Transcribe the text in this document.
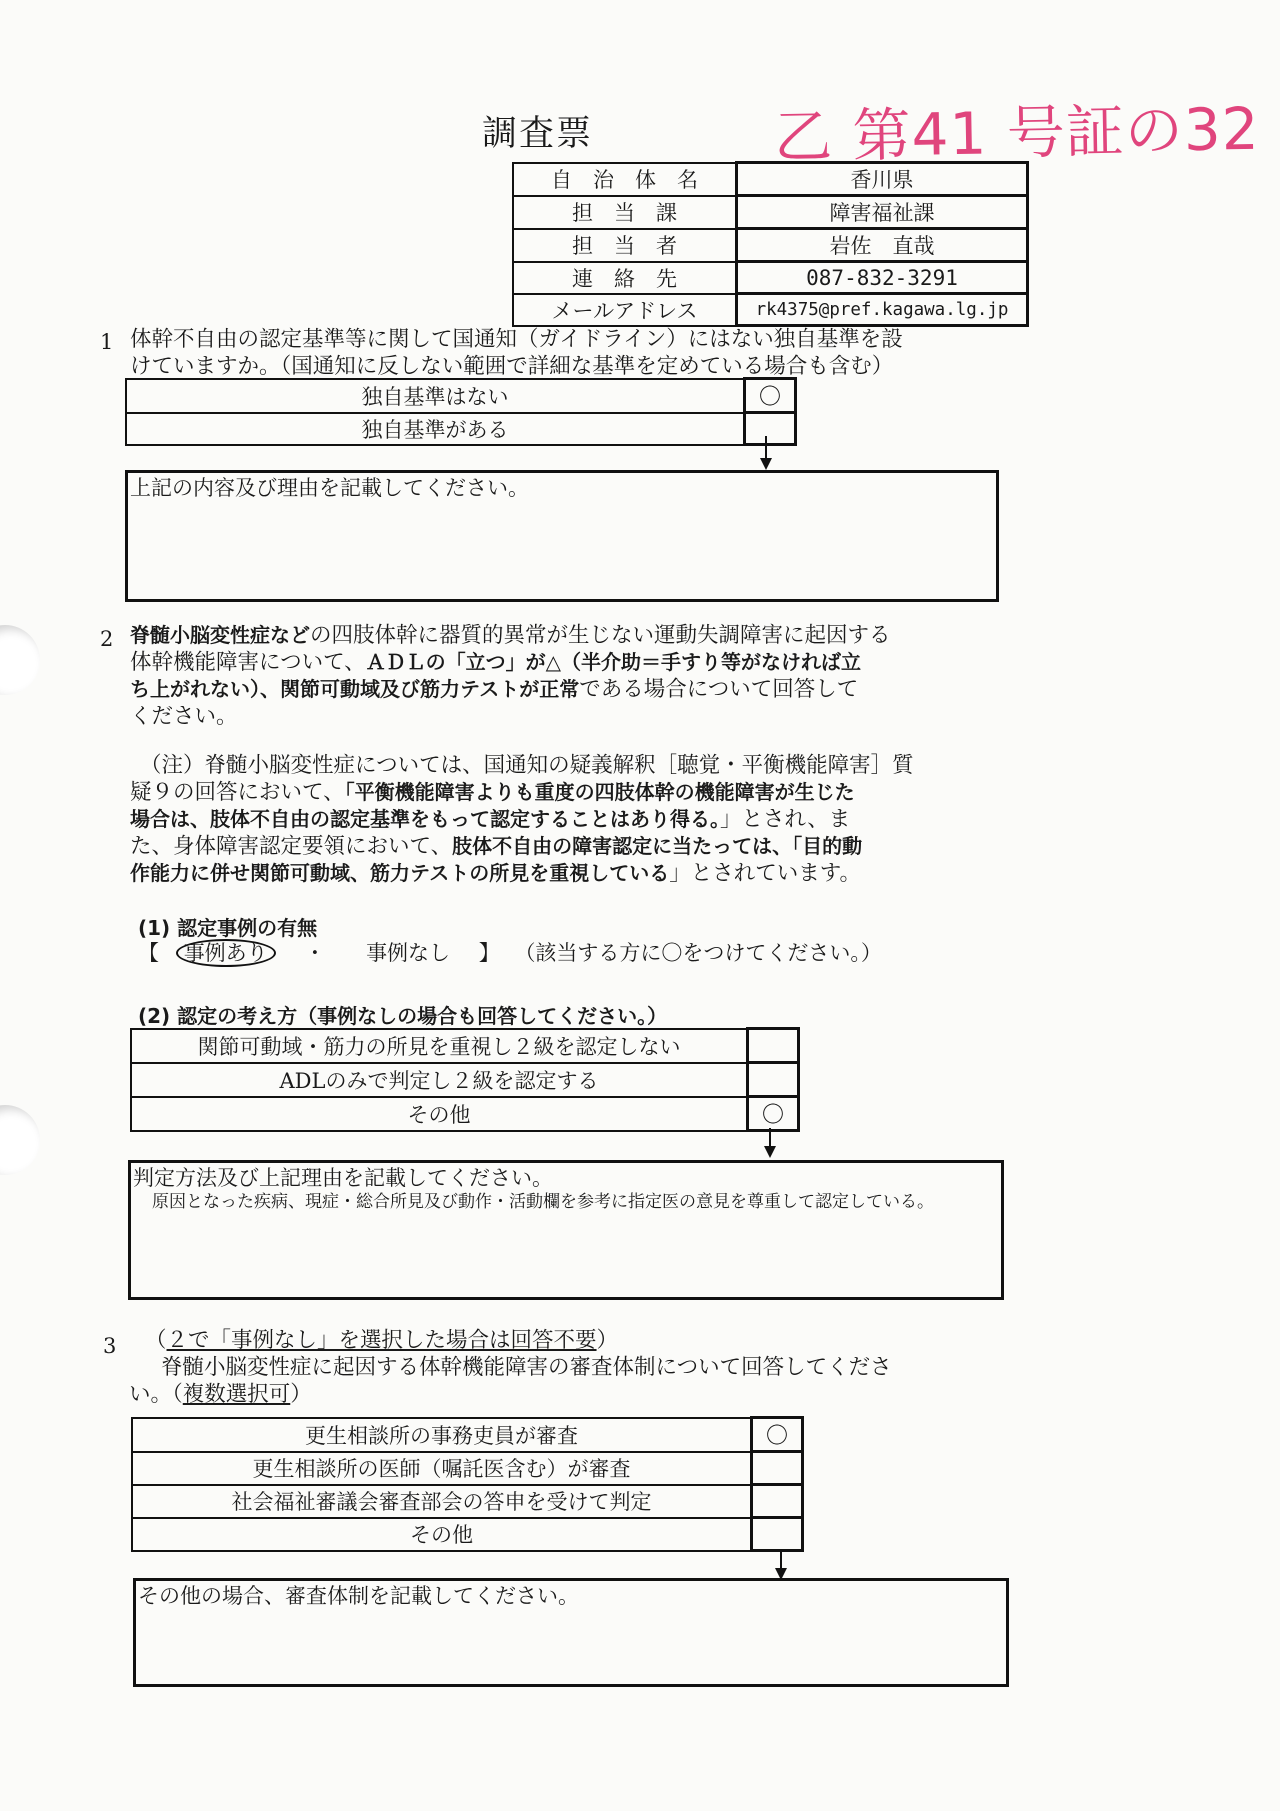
調査票	乙 第41 号証の32
自　治　体　名	香川県
担　当　課	障害福祉課
担　当　者	岩佐　直哉
連　絡　先	087-832-3291
メールアドレス	rk4375@pref.kagawa.lg.jp
1 体幹不自由の認定基準等に関して国通知（ガイドライン）にはない独自基準を設
けていますか。（国通知に反しない範囲で詳細な基準を定めている場合も含む）
独自基準はない	〇
独自基準がある	
上記の内容及び理由を記載してください。
2 脊髄小脳変性症などの四肢体幹に器質的異常が生じない運動失調障害に起因する
体幹機能障害について、ＡＤＬの「立つ」が△（半介助＝手すり等がなければ立
ち上がれない）、関節可動域及び筋力テストが正常である場合について回答して
ください。
（注）脊髄小脳変性症については、国通知の疑義解釈［聴覚・平衡機能障害］質
疑９の回答において、「平衡機能障害よりも重度の四肢体幹の機能障害が生じた
場合は、肢体不自由の認定基準をもって認定することはあり得る。」とされ、ま
た、身体障害認定要領において、肢体不自由の障害認定に当たっては、「目的動
作能力に併せ関節可動域、筋力テストの所見を重視している」とされています。
(1) 認定事例の有無
【 事例あり ・ 事例なし 】 （該当する方に〇をつけてください。）
(2) 認定の考え方（事例なしの場合も回答してください。）
関節可動域・筋力の所見を重視し２級を認定しない	
ADLのみで判定し２級を認定する	
その他	〇
判定方法及び上記理由を記載してください。
　原因となった疾病、現症・総合所見及び動作・活動欄を参考に指定医の意見を尊重して認定している。
3 （２で「事例なし」を選択した場合は回答不要）
脊髄小脳変性症に起因する体幹機能障害の審査体制について回答してくださ
い。（複数選択可）
更生相談所の事務吏員が審査	〇
更生相談所の医師（嘱託医含む）が審査	
社会福祉審議会審査部会の答申を受けて判定	
その他	
その他の場合、審査体制を記載してください。
